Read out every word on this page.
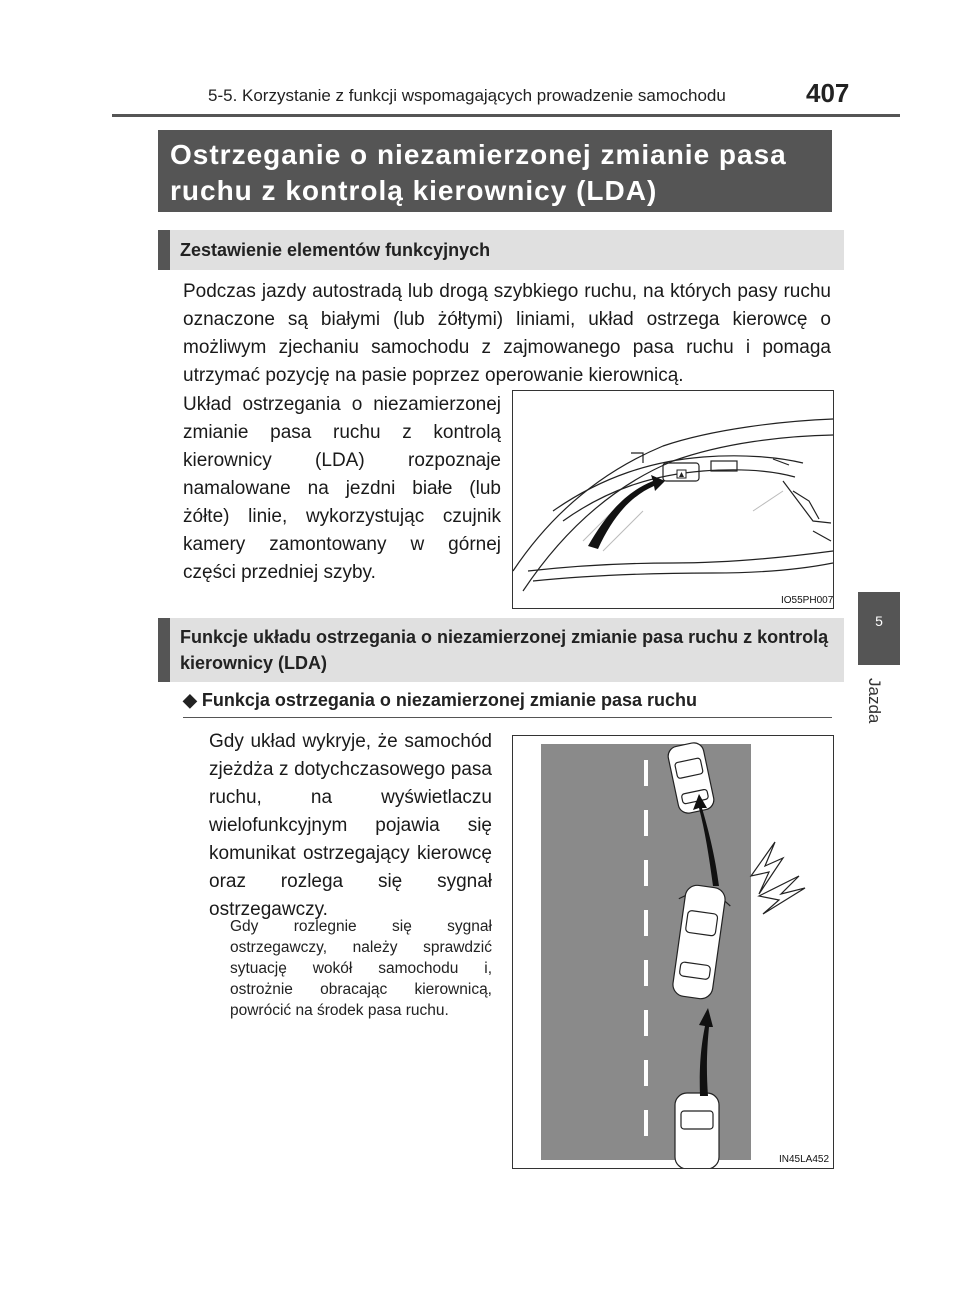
5-5. Korzystanie z funkcji wspomagających prowadzenie samochodu	407
Ostrzeganie o niezamierzonej zmianie pasa
ruchu z kontrolą kierownicy (LDA)
Zestawienie elementów funkcyjnych
Podczas jazdy autostradą lub drogą szybkiego ruchu, na których pasy ruchu oznaczone są białymi (lub żółtymi) liniami, układ ostrzega kierowcę o możliwym zjechaniu samochodu z zajmowanego pasa ruchu i pomaga utrzymać pozycję na pasie poprzez operowanie kierownicą.
Układ ostrzegania o niezamierzonej zmianie pasa ruchu z kontrolą kierownicy (LDA) rozpoznaje namalowane na jezdni białe (lub żółte) linie, wykorzystując czujnik kamery zamontowany w górnej części przedniej szyby.
IO55PH007
Funkcje układu ostrzegania o niezamierzonej zmianie pasa ruchu z kontrolą kierownicy (LDA)
◆ Funkcja ostrzegania o niezamierzonej zmianie pasa ruchu
Gdy układ wykryje, że samochód zjeżdża z dotychczasowego pasa ruchu, na wyświetlaczu wielofunkcyjnym pojawia się komunikat ostrzegający kierowcę oraz rozlega się sygnał ostrzegawczy.
Gdy rozlegnie się sygnał ostrzegawczy, należy sprawdzić sytuację wokół samochodu i, ostrożnie obracając kierownicą, powrócić na środek pasa ruchu.
IN45LA452
5
Jazda
